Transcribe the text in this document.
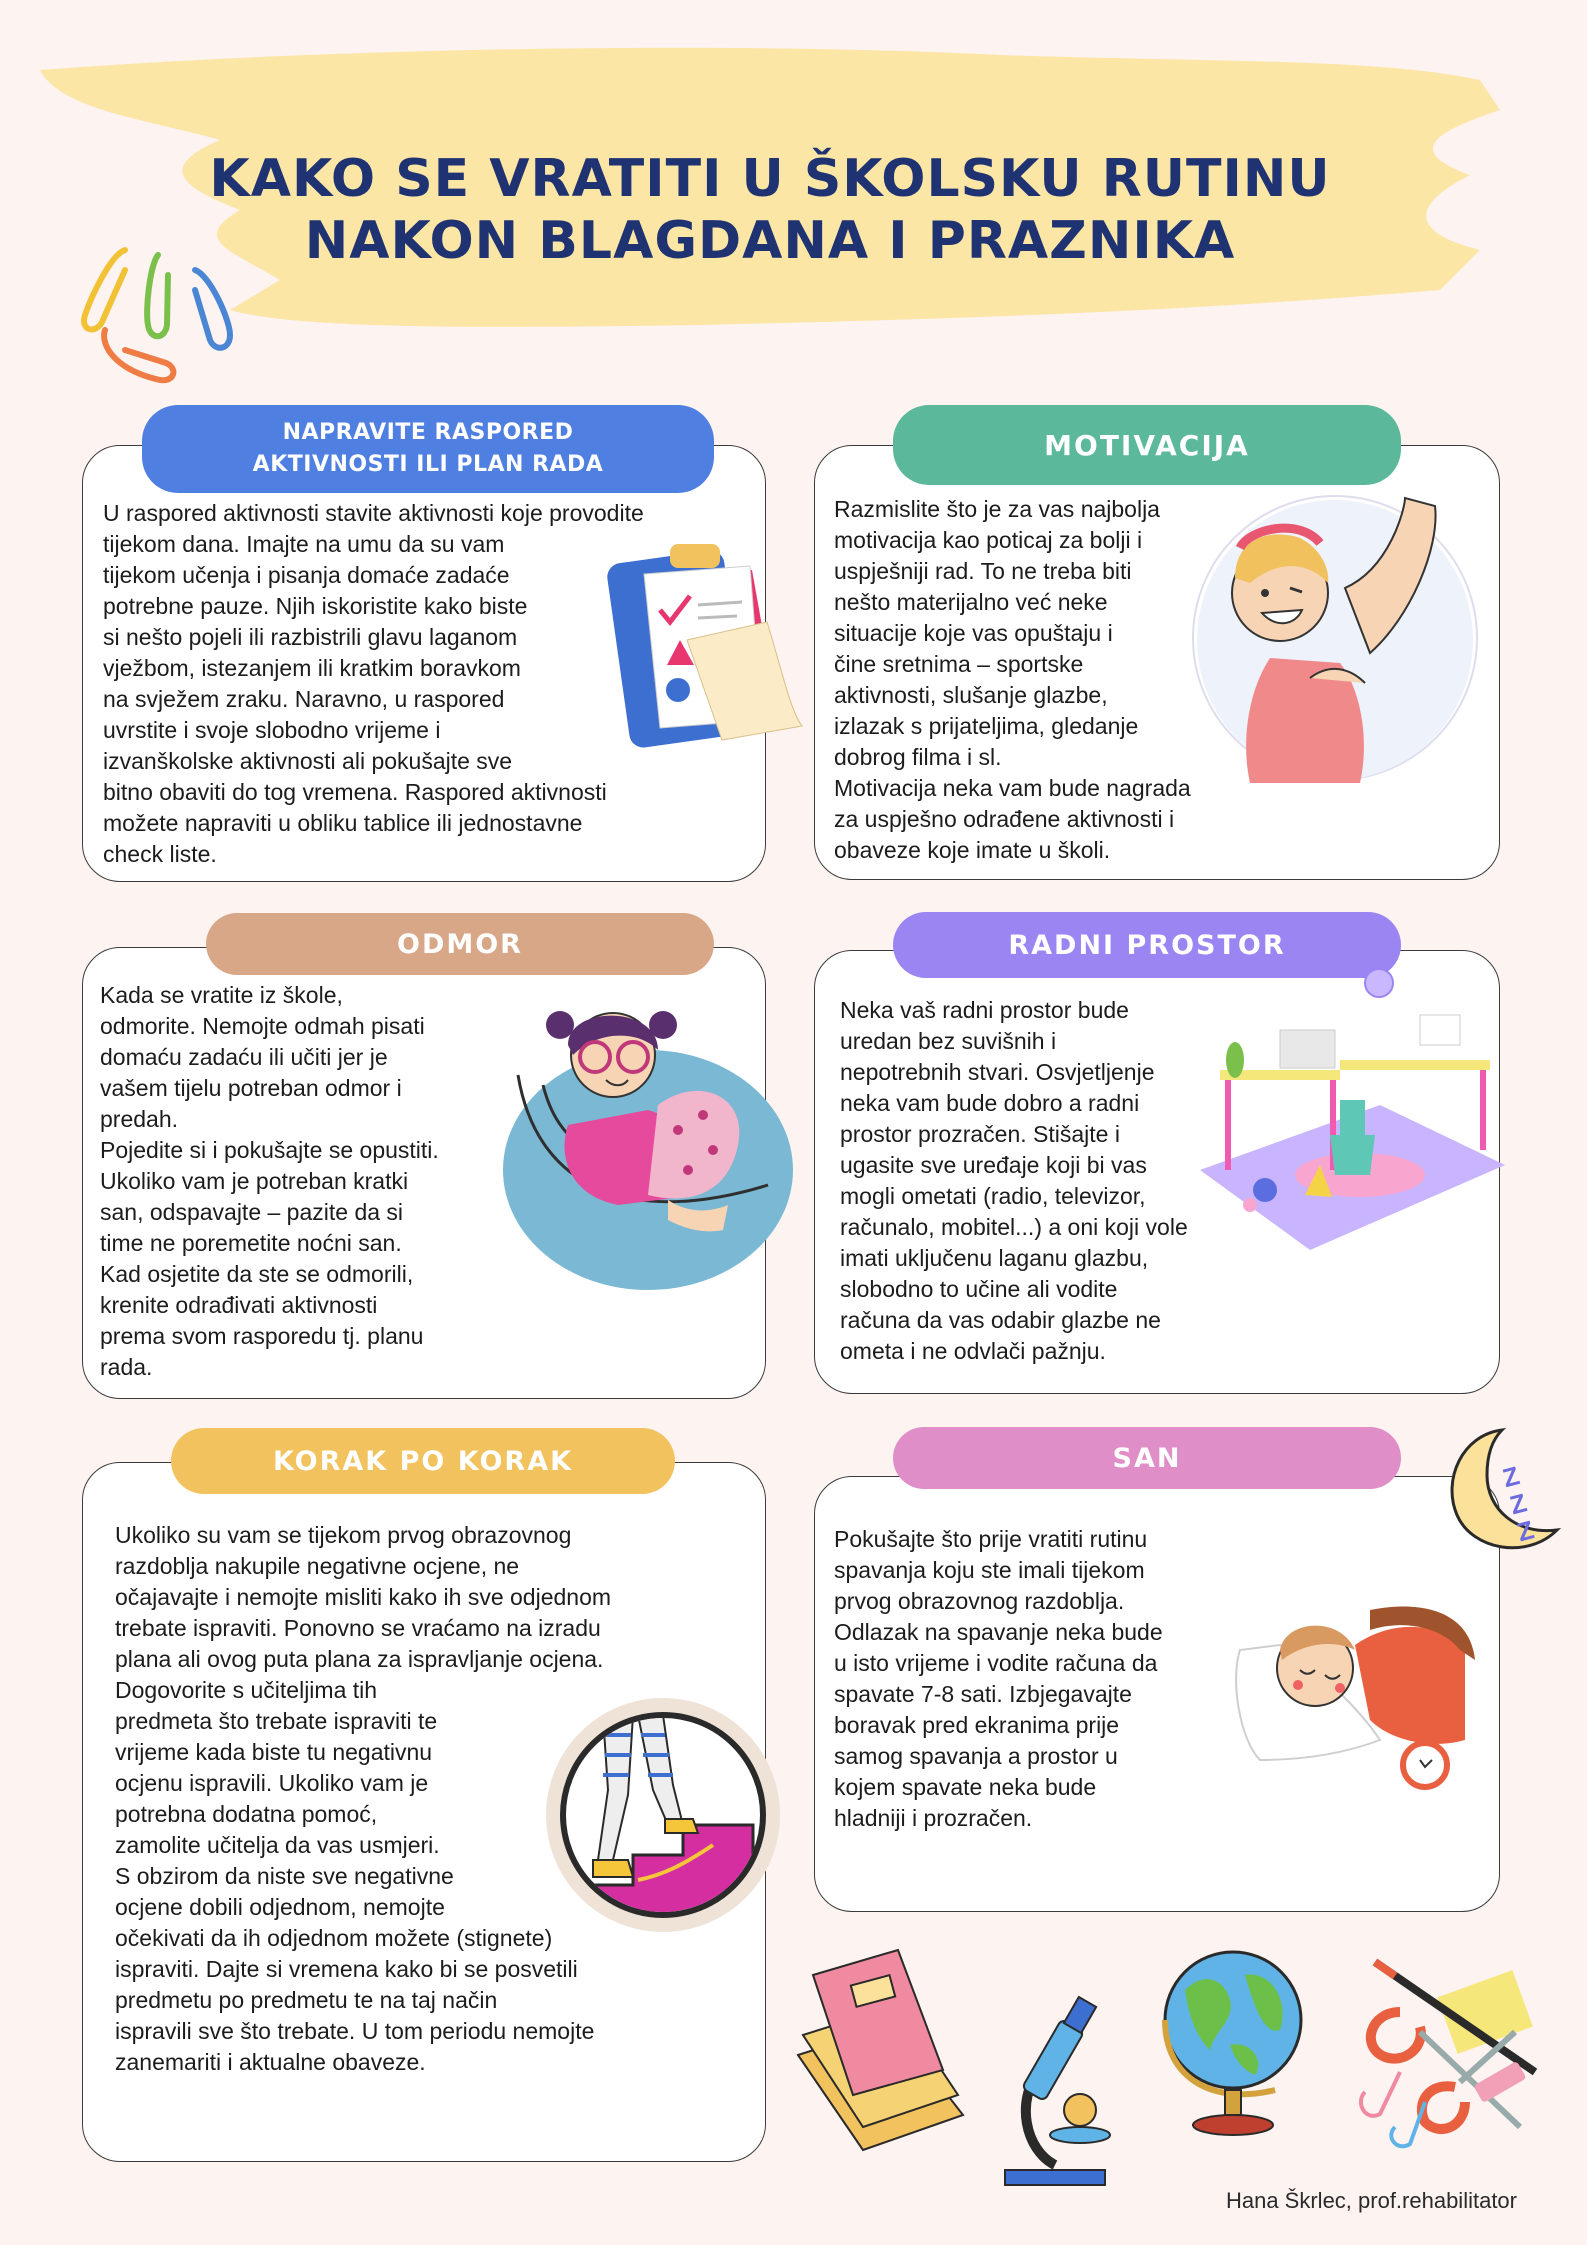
KAKO SE VRATITI U ŠKOLSKU RUTINU
NAKON BLAGDANA I PRAZNIKA
NAPRAVITE RASPORED
AKTIVNOSTI ILI PLAN RADA
U raspored aktivnosti stavite aktivnosti koje provodite
tijekom dana. Imajte na umu da su vam
tijekom učenja i pisanja domaće zadaće
potrebne pauze. Njih iskoristite kako biste
si nešto pojeli ili razbistrili glavu laganom
vježbom, istezanjem ili kratkim boravkom
na svježem zraku. Naravno, u raspored
uvrstite i svoje slobodno vrijeme i
izvanškolske aktivnosti ali pokušajte sve
bitno obaviti do tog vremena. Raspored aktivnosti
možete napraviti u obliku tablice ili jednostavne
check liste.
MOTIVACIJA
Razmislite što je za vas najbolja
motivacija kao poticaj za bolji i
uspješniji rad. To ne treba biti
nešto materijalno već neke
situacije koje vas opuštaju i
čine sretnima – sportske
aktivnosti, slušanje glazbe,
izlazak s prijateljima, gledanje
dobrog filma i sl.
Motivacija neka vam bude nagrada
za uspješno odrađene aktivnosti i
obaveze koje imate u školi.
ODMOR
Kada se vratite iz škole,
odmorite. Nemojte odmah pisati
domaću zadaću ili učiti jer je
vašem tijelu potreban odmor i
predah.
Pojedite si i pokušajte se opustiti.
Ukoliko vam je potreban kratki
san, odspavajte – pazite da si
time ne poremetite noćni san.
Kad osjetite da ste se odmorili,
krenite odrađivati aktivnosti
prema svom rasporedu tj. planu
rada.
RADNI PROSTOR
Neka vaš radni prostor bude
uredan bez suvišnih i
nepotrebnih stvari. Osvjetljenje
neka vam bude dobro a radni
prostor prozračen. Stišajte i
ugasite sve uređaje koji bi vas
mogli ometati (radio, televizor,
računalo, mobitel...) a oni koji vole
imati uključenu laganu glazbu,
slobodno to učine ali vodite
računa da vas odabir glazbe ne
ometa i ne odvlači pažnju.
KORAK PO KORAK
Ukoliko su vam se tijekom prvog obrazovnog
razdoblja nakupile negativne ocjene, ne
očajavajte i nemojte misliti kako ih sve odjednom
trebate ispraviti. Ponovno se vraćamo na izradu
plana ali ovog puta plana za ispravljanje ocjena.
Dogovorite s učiteljima tih
predmeta što trebate ispraviti te
vrijeme kada biste tu negativnu
ocjenu ispravili. Ukoliko vam je
potrebna dodatna pomoć,
zamolite učitelja da vas usmjeri.
S obzirom da niste sve negativne
ocjene dobili odjednom, nemojte
očekivati da ih odjednom možete (stignete)
ispraviti. Dajte si vremena kako bi se posvetili
predmetu po predmetu te na taj način
ispravili sve što trebate. U tom periodu nemojte
zanemariti i aktualne obaveze.
SAN
Z Z Z
Pokušajte što prije vratiti rutinu
spavanja koju ste imali tijekom
prvog obrazovnog razdoblja.
Odlazak na spavanje neka bude
u isto vrijeme i vodite računa da
spavate 7-8 sati. Izbjegavajte
boravak pred ekranima prije
samog spavanja a prostor u
kojem spavate neka bude
hladniji i prozračen.
Hana Škrlec, prof.rehabilitator
